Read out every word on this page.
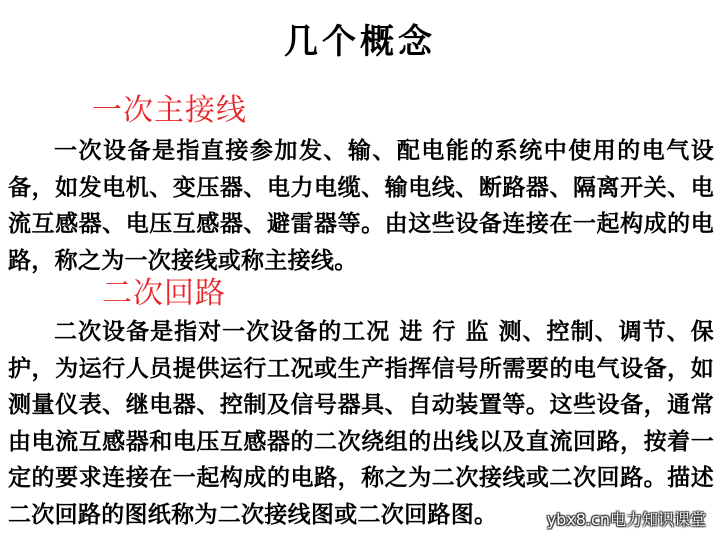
几个概念
一次主接线

一次设备是指直接参加发、输、配电能的系统中使用的电气设备，如发电机、变压器、电力电缆、输电线、断路器、隔离开关、电流互感器、电压互感器、避雷器等。由这些设备连接在一起构成的电路，称之为一次接线或称主接线。

二次回路

二次设备是指对一次设备的工况 进 行 监 测、控制、调节、保护，为运行人员提供运行工况或生产指挥信号所需要的电气设备，如测量仪表、继电器、控制及信号器具、自动装置等。这些设备，通常由电流互感器和电压互感器的二次绕组的出线以及直流回路，按着一定的要求连接在一起构成的电路，称之为二次接线或二次回路。描述二次回路的图纸称为二次接线图或二次回路图。	ybx8.cn电力知识课堂
